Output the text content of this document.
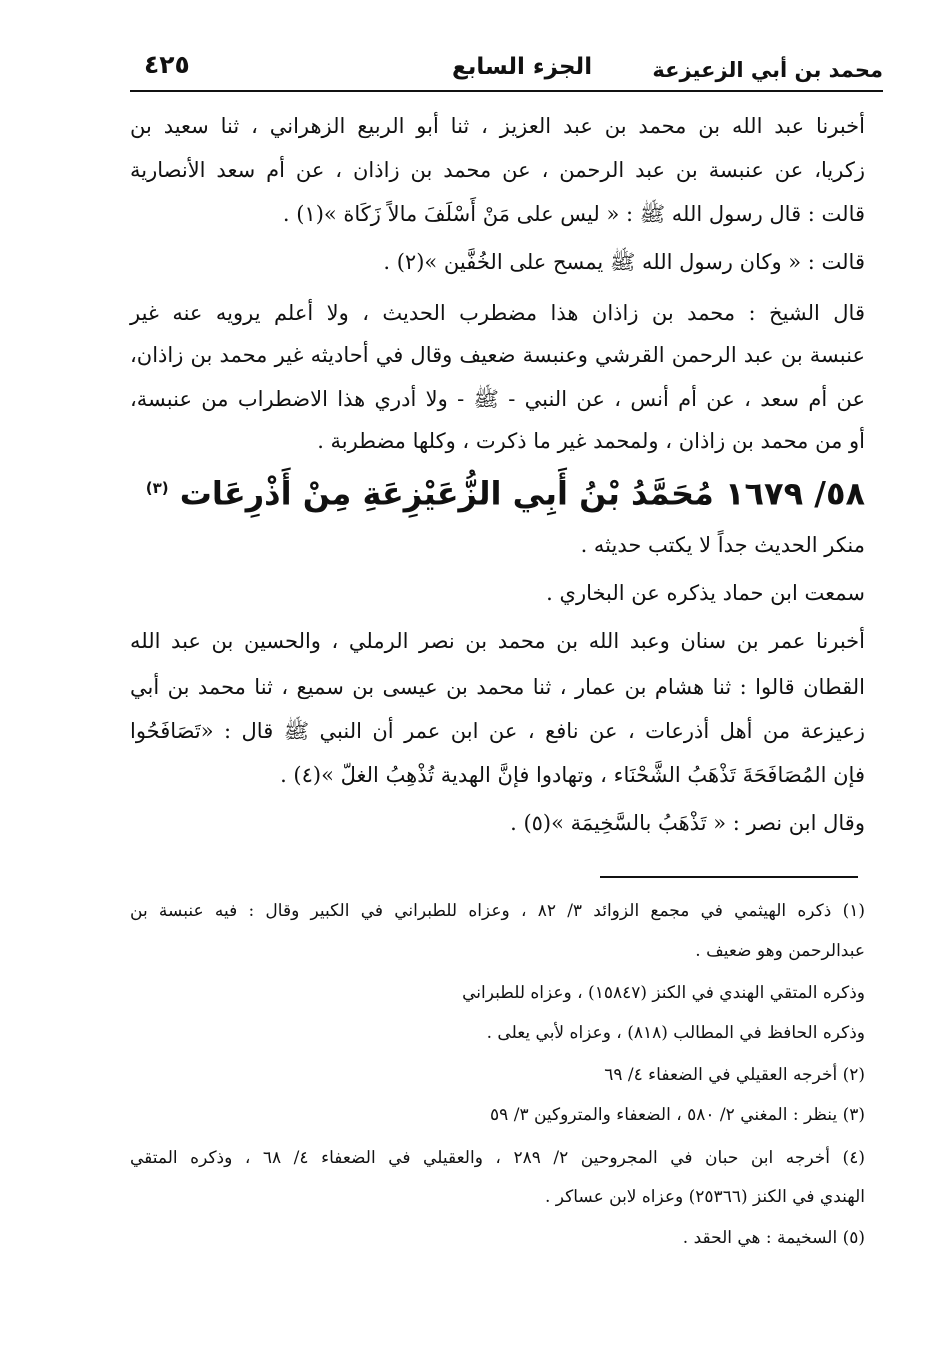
محمد بن أبي الزعيزعة
الجزء السابع
٤٢٥
أخبرنا عبد الله بن محمد بن عبد العزيز ، ثنا أبو الربيع الزهراني ، ثنا سعيد بن
زكريا، عن عنبسة بن عبد الرحمن ، عن محمد بن زاذان ، عن أم سعد الأنصارية
قالت : قال رسول الله ﷺ : « ليس على مَنْ أَسْلَفَ مالاً زَكَاة »(١) .
قالت : « وكان رسول الله ﷺ يمسح على الخُفَّين »(٢) .
قال الشيخ : محمد بن زاذان هذا مضطرب الحديث ، ولا أعلم يرويه عنه غير
عنبسة بن عبد الرحمن القرشي وعنبسة ضعيف وقال في أحاديثه غير محمد بن زاذان،
عن أم سعد ، عن أم أنس ، عن النبي - ﷺ - ولا أدري هذا الاضطراب من عنبسة،
أو من محمد بن زاذان ، ولمحمد غير ما ذكرت ، وكلها مضطربة .
٥٨/ ١٦٧٩ مُحَمَّدُ بْنُ أَبِي الزُّعَيْزِعَةِ مِنْ أَذْرِعَات $^{(٣)}$
منكر الحديث جداً لا يكتب حديثه .
سمعت ابن حماد يذكره عن البخاري .
أخبرنا عمر بن سنان وعبد الله بن محمد بن نصر الرملي ، والحسين بن عبد الله
القطان قالوا : ثنا هشام بن عمار ، ثنا محمد بن عيسى بن سميع ، ثنا محمد بن أبي
زعيزعة من أهل أذرعات ، عن نافع ، عن ابن عمر أن النبي ﷺ قال : «تَصَافَحُوا
فإن المُصَافَحَةَ تَذْهَبُ الشَّحْنَاء ، وتهادوا فإنَّ الهدية تُذْهِبُ الغلّ »(٤) .
وقال ابن نصر : « تَذْهَبُ بالسَّخِيمَة »(٥) .
(١) ذكره الهيثمي في مجمع الزوائد ٣/ ٨٢ ، وعزاه للطبراني في الكبير وقال : فيه عنبسة بن
عبدالرحمن وهو ضعيف .
وذكره المتقي الهندي في الكنز (١٥٨٤٧) ، وعزاه للطبراني
وذكره الحافظ في المطالب (٨١٨) ، وعزاه لأبي يعلى .
(٢) أخرجه العقيلي في الضعفاء ٤/ ٦٩
(٣) ينظر : المغني ٢/ ٥٨٠ ، الضعفاء والمتروكين ٣/ ٥٩
(٤) أخرجه ابن حبان في المجروحين ٢/ ٢٨٩ ، والعقيلي في الضعفاء ٤/ ٦٨ ، وذكره المتقي
الهندي في الكنز (٢٥٣٦٦) وعزاه لابن عساكر .
(٥) السخيمة : هي الحقد .
